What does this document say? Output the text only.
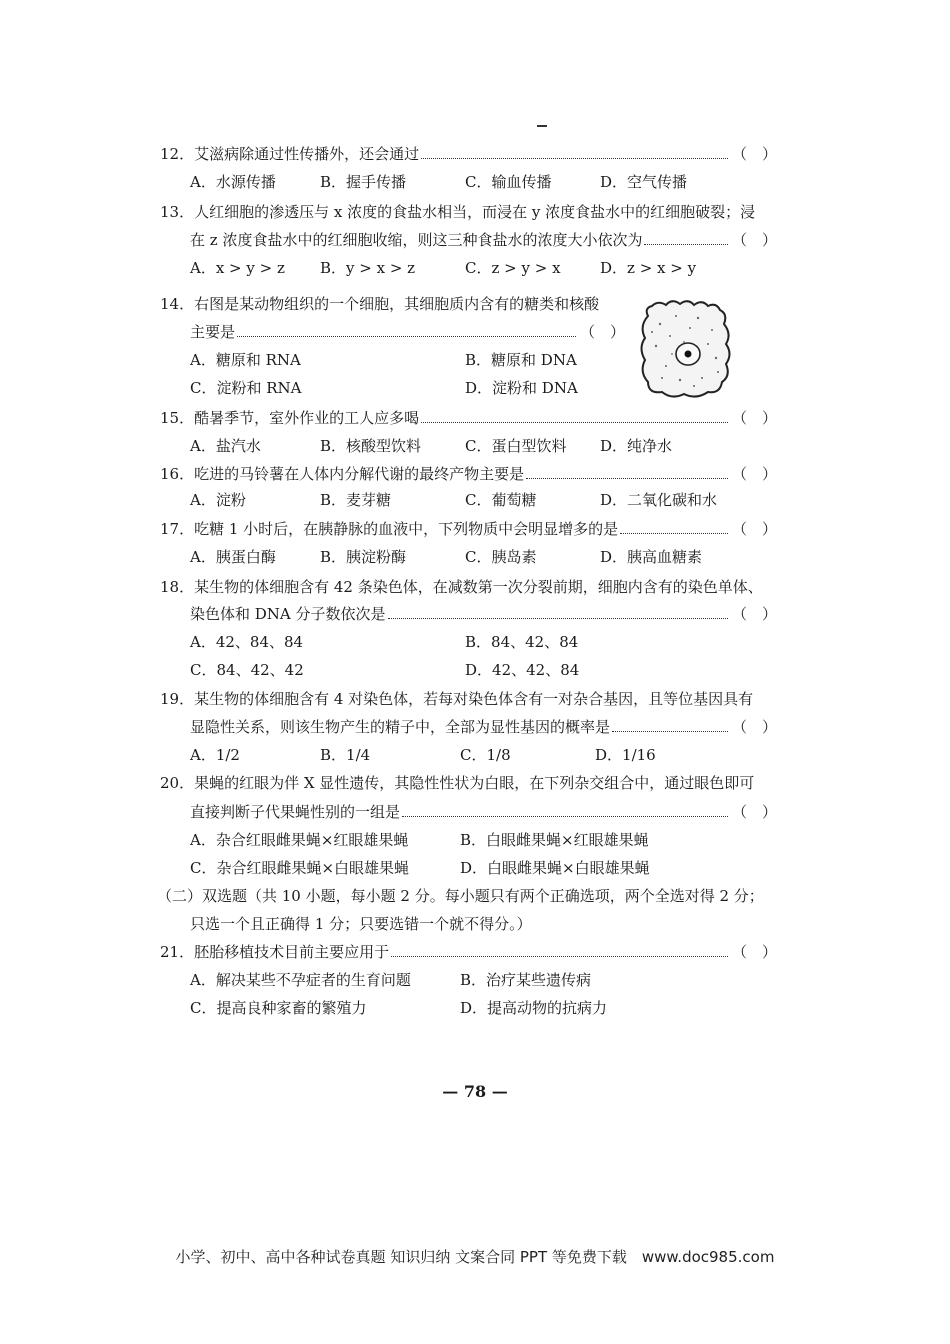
12．艾滋病除通过性传播外，还会通过	（　）
A．水源传播	B．握手传播	C．输血传播	D．空气传播
13．人红细胞的渗透压与 x 浓度的食盐水相当，而浸在 y 浓度食盐水中的红细胞破裂；浸
在 z 浓度食盐水中的红细胞收缩，则这三种食盐水的浓度大小依次为	（　）
A．x > y > z B．y > x > z	C．z > y > x	D．z > x > y
14．右图是某动物组织的一个细胞，其细胞质内含有的糖类和核酸
主要是	（　）
A．糖原和 RNA	B．糖原和 DNA
C．淀粉和 RNA	D．淀粉和 DNA
15．酷暑季节，室外作业的工人应多喝	（　）
A．盐汽水	B．核酸型饮料	C．蛋白型饮料 D．纯净水
16．吃进的马铃薯在人体内分解代谢的最终产物主要是	（　）
A．淀粉	B．麦芽糖	C．葡萄糖	D．二氧化碳和水
17．吃糖 1 小时后，在胰静脉的血液中，下列物质中会明显增多的是	（　）
A．胰蛋白酶	B．胰淀粉酶	C．胰岛素	D．胰高血糖素
18．某生物的体细胞含有 42 条染色体，在减数第一次分裂前期，细胞内含有的染色单体、
染色体和 DNA 分子数依次是	（　）
A．42、84、84	B．84、42、84
C．84、42、42	D．42、42、84
19．某生物的体细胞含有 4 对染色体，若每对染色体含有一对杂合基因，且等位基因具有
显隐性关系，则该生物产生的精子中，全部为显性基因的概率是	（　）
A．1/2	B．1/4	C．1/8	D．1/16
20．果蝇的红眼为伴 X 显性遗传，其隐性性状为白眼，在下列杂交组合中，通过眼色即可
直接判断子代果蝇性别的一组是	（　）
A．杂合红眼雌果蝇×红眼雄果蝇	B．白眼雌果蝇×红眼雄果蝇
C．杂合红眼雌果蝇×白眼雄果蝇	D．白眼雌果蝇×白眼雄果蝇
（二）双选题（共 10 小题，每小题 2 分。每小题只有两个正确选项，两个全选对得 2 分；
只选一个且正确得 1 分；只要选错一个就不得分。）
21．胚胎移植技术目前主要应用于	（　）
A．解决某些不孕症者的生育问题	B．治疗某些遗传病
C．提高良种家畜的繁殖力	D．提高动物的抗病力
— 78 —
小学、初中、高中各种试卷真题 知识归纳 文案合同 PPT 等免费下载　www.doc985.com
